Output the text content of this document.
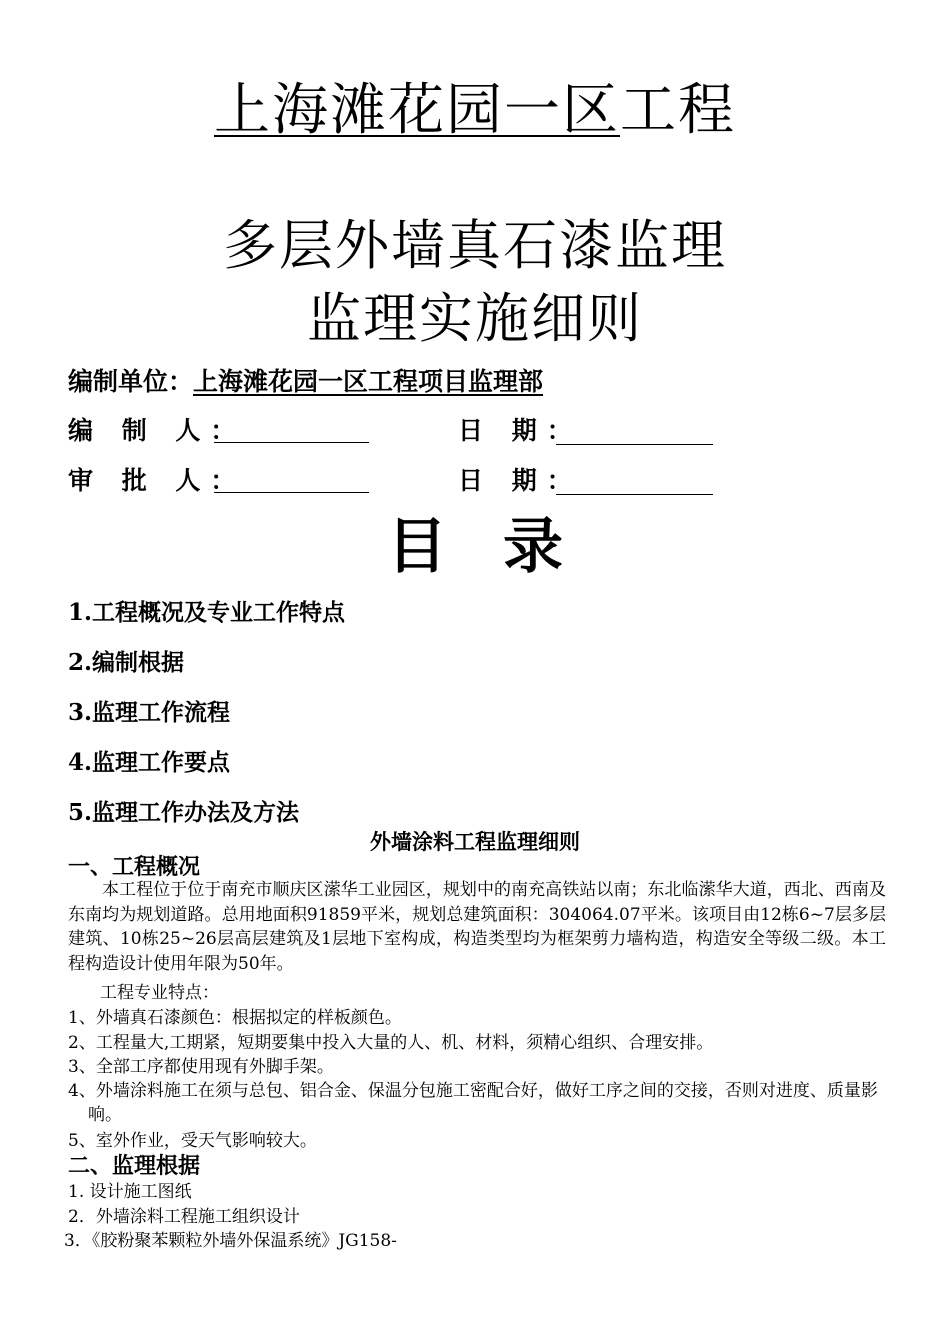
上海滩花园一区工程
多层外墙真石漆监理
监理实施细则
编制单位：上海滩花园一区工程项目监理部
编 制 人：	日 期：
审 批 人：	日 期：
目录
1.工程概况及专业工作特点
2.编制根据
3.监理工作流程
4.监理工作要点
5.监理工作办法及方法
外墙涂料工程监理细则
一、工程概况

本工程位于位于南充市顺庆区潆华工业园区，规划中的南充高铁站以南；东北临潆华大道，西北、西南及东南均为规划道路。总用地面积91859平米，规划总建筑面积：304064.07平米。该项目由12栋6~7层多层建筑、10栋25~26层高层建筑及1层地下室构成，构造类型均为框架剪力墙构造，构造安全等级二级。本工程构造设计使用年限为50年。

工程专业特点：
1、外墙真石漆颜色：根据拟定的样板颜色。
2、工程量大,工期紧，短期要集中投入大量的人、机、材料，须精心组织、合理安排。
3、全部工序都使用现有外脚手架。
4、外墙涂料施工在须与总包、铝合金、保温分包施工密配合好，做好工序之间的交接，否则对进度、质量影响。
5、室外作业，受天气影响较大。
二、监理根据
1. 设计施工图纸
2．外墙涂料工程施工组织设计
3．《胶粉聚苯颗粒外墙外保温系统》JG158-
